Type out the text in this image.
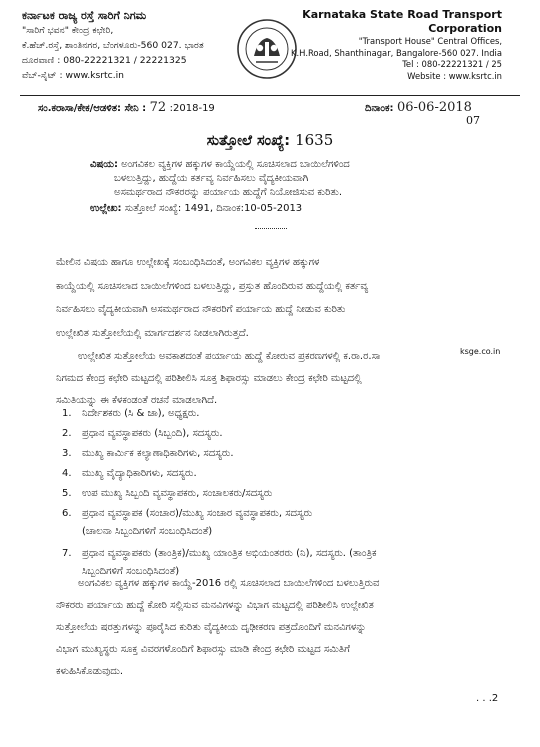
ಕರ್ನಾಟಕ ರಾಜ್ಯ ರಸ್ತೆ ಸಾರಿಗೆ ನಿಗಮ
"ಸಾರಿಗೆ ಭವನ" ಕೇಂದ್ರ ಕಛೇರಿ,
ಕೆ.ಹೆಚ್.ರಸ್ತೆ, ಶಾಂತಿನಗರ, ಬೆಂಗಳೂರು-560 027. ಭಾರತ
ದೂರವಾಣಿ : 080-22221321 / 22221325
ವೆಬ್-ಸೈಟ್ : www.ksrtc.in
Karnataka State Road Transport Corporation
"Transport House" Central Offices,
K.H.Road, Shanthinagar, Bangalore-560 027. India
Tel : 080-22221321 / 25
Website : www.ksrtc.in
ಸಂ.ಕರಾಸಾ/ಕೇಕ/ಆಡಳಿತ: ಸೇನಿ : 72 :2018-19	ದಿನಾಂಕ: 06-06-2018
07
ಸುತ್ತೋಲೆ ಸಂಖ್ಯೆ: 1635
ವಿಷಯ: ಅಂಗವಿಕಲ ವ್ಯಕ್ತಿಗಳ ಹಕ್ಕುಗಳ ಕಾಯ್ದೆಯಲ್ಲಿ ಸೂಚಿಸಲಾದ ಬಾಯಿಲೆಗಳಿಂದ
ಬಳಲುತ್ತಿದ್ದು, ಹುದ್ದೆಯ ಕರ್ತವ್ಯ ನಿರ್ವಹಿಸಲು ವೈದ್ಯಕೀಯವಾಗಿ
ಅಸಮರ್ಥರಾದ ನೌಕರರನ್ನು ಪರ್ಯಾಯ ಹುದ್ದೆಗೆ ನಿಯೋಜಿಸುವ ಕುರಿತು.
ಉಲ್ಲೇಖ: ಸುತ್ತೋಲೆ ಸಂಖ್ಯೆ: 1491, ದಿನಾಂಕ:10-05-2013
ಮೇಲಿನ ವಿಷಯ ಹಾಗೂ ಉಲ್ಲೇಖಕ್ಕೆ ಸಂಬಂಧಿಸಿದಂತೆ, ಅಂಗವಿಕಲ ವ್ಯಕ್ತಿಗಳ ಹಕ್ಕುಗಳ
ಕಾಯ್ದೆಯಲ್ಲಿ ಸೂಚಿಸಲಾದ ಬಾಯಿಲೆಗಳಿಂದ ಬಳಲುತ್ತಿದ್ದು, ಪ್ರಸ್ತುತ ಹೊಂದಿರುವ ಹುದ್ದೆಯಲ್ಲಿ ಕರ್ತವ್ಯ
ನಿರ್ವಹಿಸಲು ವೈದ್ಯಕೀಯವಾಗಿ ಅಸಮರ್ಥರಾದ ನೌಕರರಿಗೆ ಪರ್ಯಾಯ ಹುದ್ದೆ ನೀಡುವ ಕುರಿತು
ಉಲ್ಲೇಖಿತ ಸುತ್ತೋಲೆಯಲ್ಲಿ ಮಾರ್ಗದರ್ಶನ ನೀಡಲಾಗಿರುತ್ತದೆ.
ಉಲ್ಲೇಖಿತ ಸುತ್ತೋಲೆಯ ಅವಕಾಶದಂತೆ ಪರ್ಯಾಯ ಹುದ್ದೆ ಕೋರುವ ಪ್ರಕರಣಗಳಲ್ಲಿ ಕ.ರಾ.ರ.ಸಾ
ನಿಗಮದ ಕೇಂದ್ರ ಕಛೇರಿ ಮಟ್ಟದಲ್ಲಿ ಪರಿಶೀಲಿಸಿ ಸೂಕ್ತ ಶಿಫಾರಸ್ಸು ಮಾಡಲು ಕೇಂದ್ರ ಕಛೇರಿ ಮಟ್ಟದಲ್ಲಿ
ಸಮಿತಿಯನ್ನು ಈ ಕೆಳಕಂಡಂತೆ ರಚನೆ ಮಾಡಲಾಗಿದೆ.
ksge.co.in
1. ನಿರ್ದೇಶಕರು (ಸಿ & ಜಾ), ಅಧ್ಯಕ್ಷರು.
2. ಪ್ರಧಾನ ವ್ಯವಸ್ಥಾಪಕರು (ಸಿಬ್ಬಂದಿ), ಸದಸ್ಯರು.
3. ಮುಖ್ಯ ಕಾರ್ಮಿಕ ಕಲ್ಯಾಣಾಧಿಕಾರಿಗಳು, ಸದಸ್ಯರು.
4. ಮುಖ್ಯ ವೈದ್ಯಾಧಿಕಾರಿಗಳು, ಸದಸ್ಯರು.
5. ಉಪ ಮುಖ್ಯ ಸಿಬ್ಬಂದಿ ವ್ಯವಸ್ಥಾಪಕರು, ಸಂಚಾಲಕರು/ಸದಸ್ಯರು
6. ಪ್ರಧಾನ ವ್ಯವಸ್ಥಾಪಕ (ಸಂಚಾರ)/ಮುಖ್ಯ ಸಂಚಾರ ವ್ಯವಸ್ಥಾಪಕರು, ಸದಸ್ಯರು
(ಚಾಲನಾ ಸಿಬ್ಬಂದಿಗಳಿಗೆ ಸಂಬಂಧಿಸಿದಂತೆ)
7. ಪ್ರಧಾನ ವ್ಯವಸ್ಥಾಪಕರು (ತಾಂತ್ರಿಕ)/ಮುಖ್ಯ ಯಾಂತ್ರಿಕ ಅಭಿಯಂತರರು (ನಿ), ಸದಸ್ಯರು. (ತಾಂತ್ರಿಕ
ಸಿಬ್ಬಂದಿಗಳಿಗೆ ಸಂಬಂಧಿಸಿದಂತೆ)
ಅಂಗವಿಕಲ ವ್ಯಕ್ತಿಗಳ ಹಕ್ಕುಗಳ ಕಾಯ್ದೆ-2016 ರಲ್ಲಿ ಸೂಚಿಸಲಾದ ಬಾಯಿಲೆಗಳಿಂದ ಬಳಲುತ್ತಿರುವ
ನೌಕರರು ಪರ್ಯಾಯ ಹುದ್ದೆ ಕೋರಿ ಸಲ್ಲಿಸುವ ಮನವಿಗಳನ್ನು ವಿಭಾಗ ಮಟ್ಟದಲ್ಲಿ ಪರಿಶೀಲಿಸಿ ಉಲ್ಲೇಖಿತ
ಸುತ್ತೋಲೆಯ ಷರತ್ತುಗಳನ್ನು ಪೂರೈಸಿದ ಕುರಿತು ವೈದ್ಯಕೀಯ ದೃಢೀಕರಣ ಪತ್ರದೊಂದಿಗೆ ಮನವಿಗಳನ್ನು
ವಿಭಾಗ ಮುಖ್ಯಸ್ಥರು ಸೂಕ್ತ ವಿವರಗಳೊಂದಿಗೆ ಶಿಫಾರಸ್ಸು ಮಾಡಿ ಕೇಂದ್ರ ಕಛೇರಿ ಮಟ್ಟದ ಸಮಿತಿಗೆ
ಕಳುಹಿಸಿಕೊಡುವುದು.
. . .2
